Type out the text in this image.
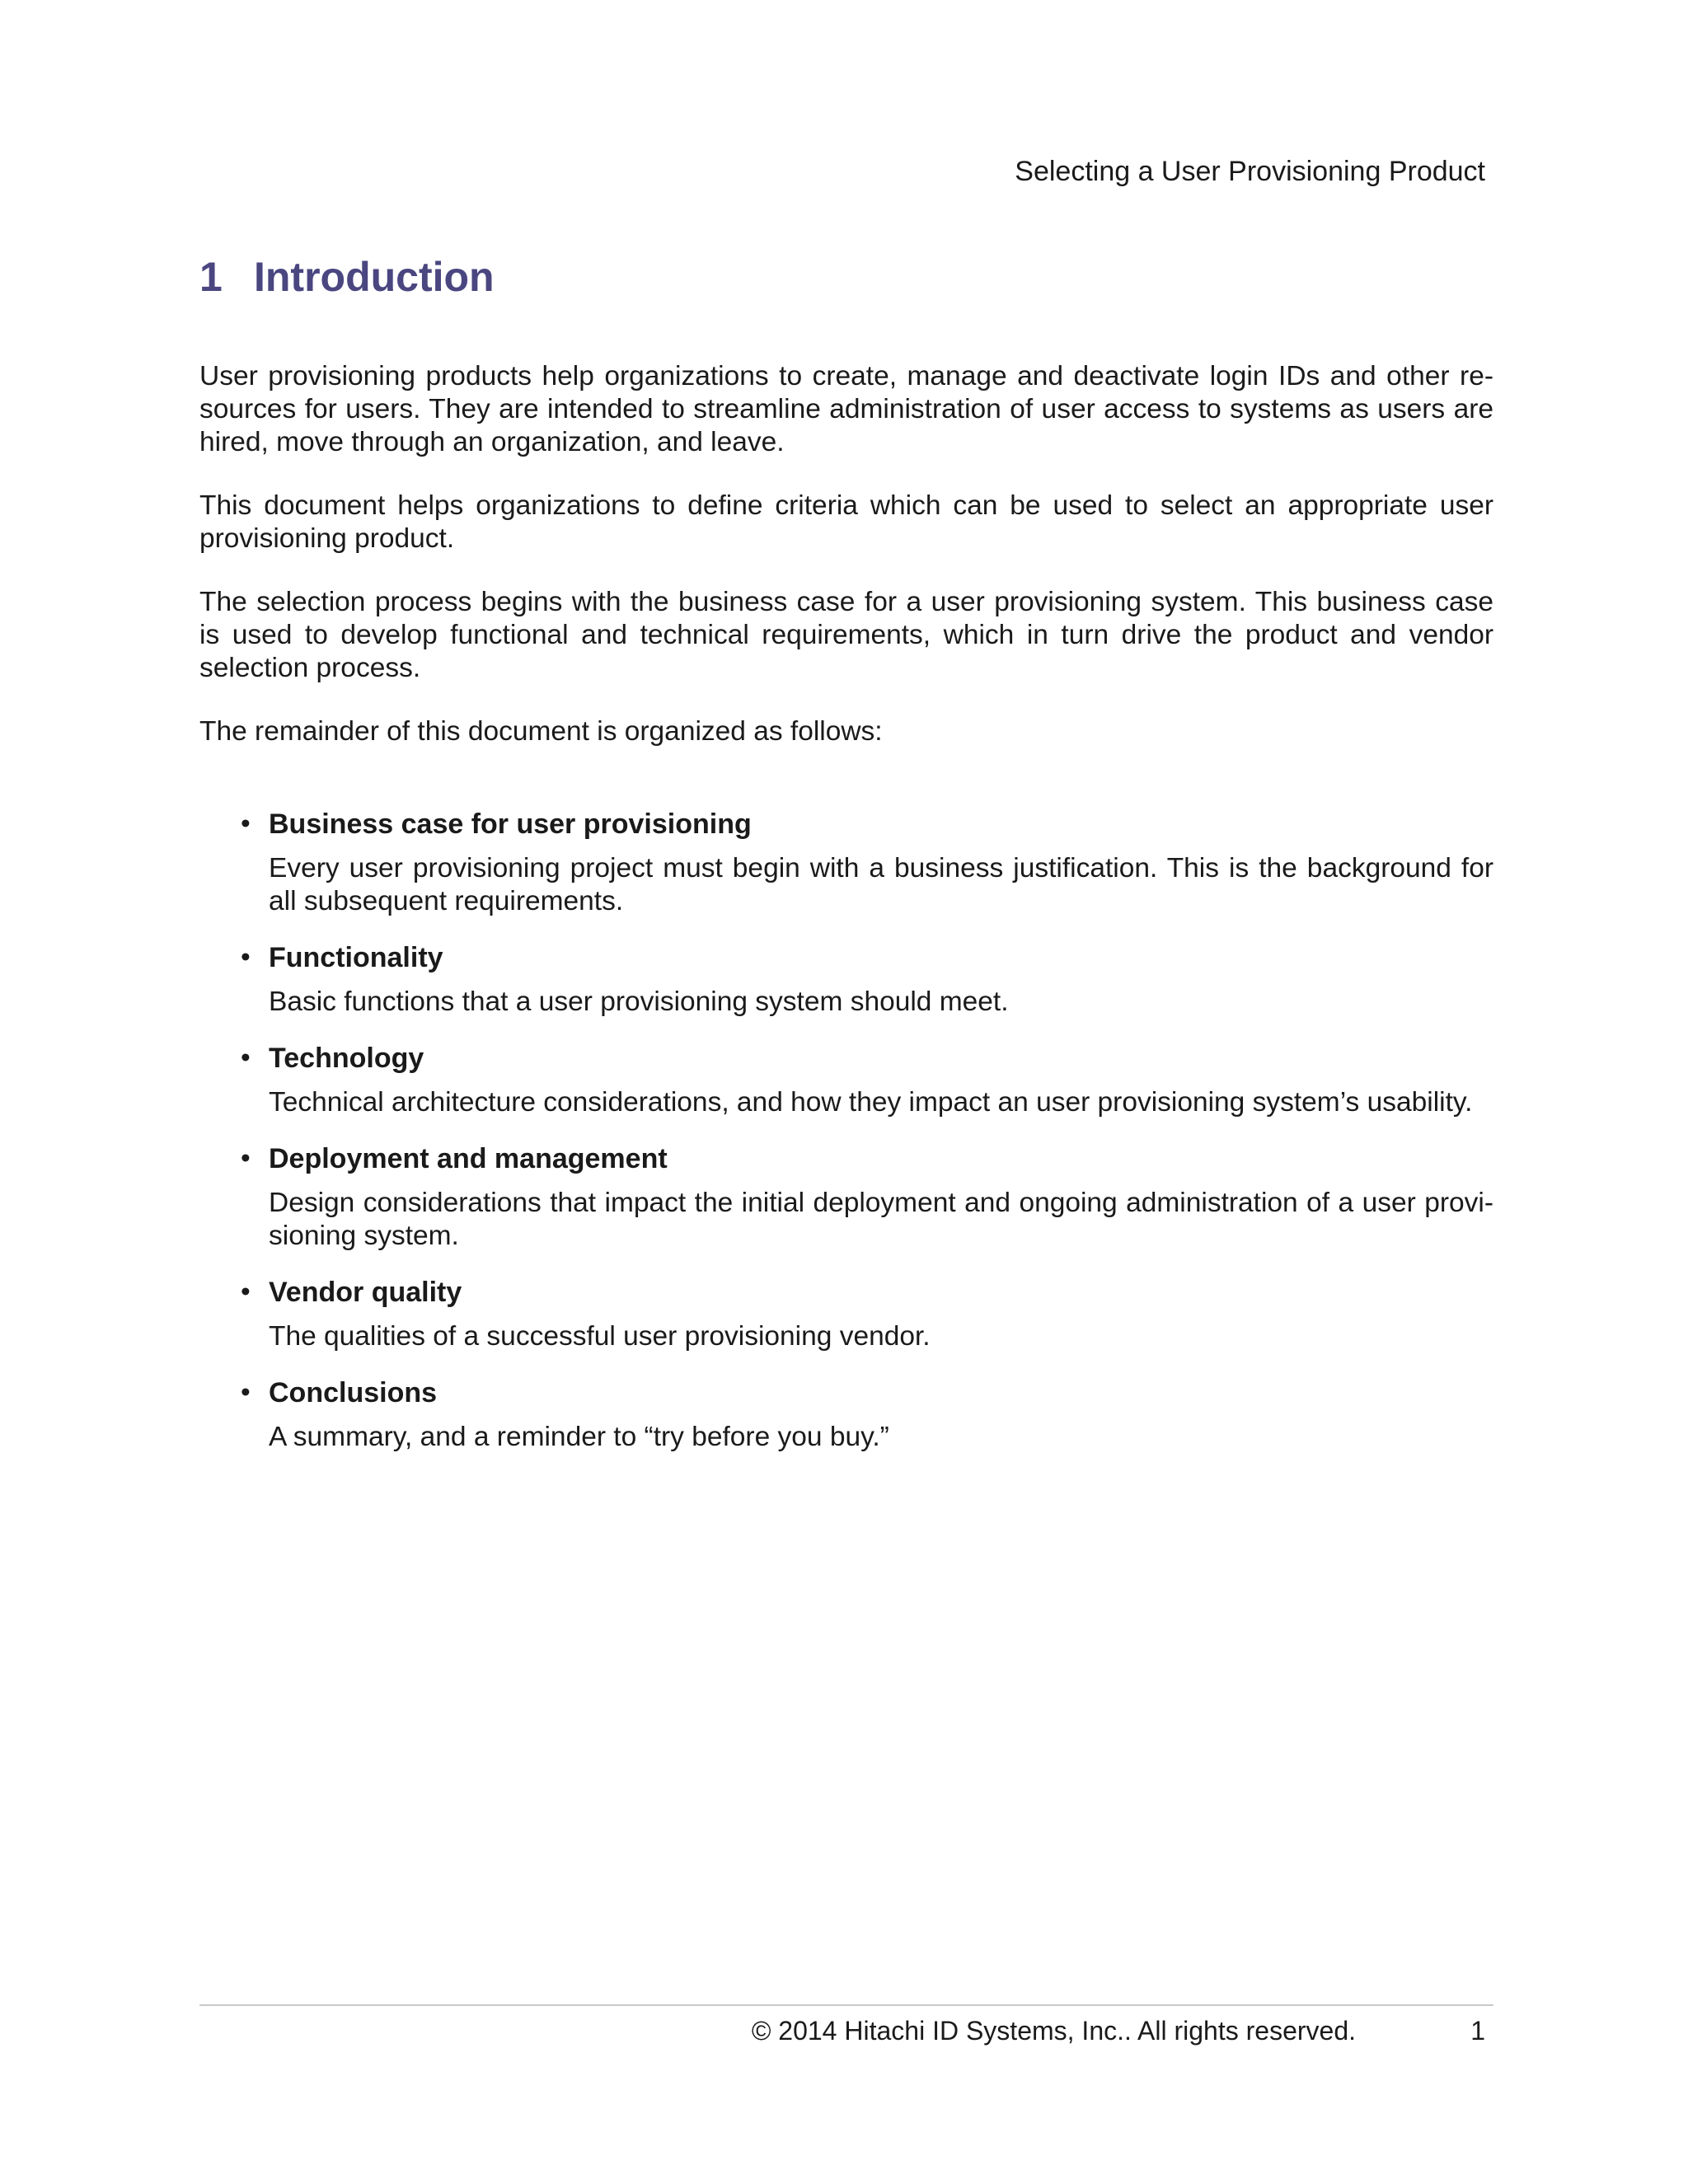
Selecting a User Provisioning Product
1 Introduction

User provisioning products help organizations to create, manage and deactivate login IDs and other resources for users. They are intended to streamline administration of user access to systems as users are hired, move through an organization, and leave.

This document helps organizations to define criteria which can be used to select an appropriate user provisioning product.

The selection process begins with the business case for a user provisioning system. This business case is used to develop functional and technical requirements, which in turn drive the product and vendor selection process.

The remainder of this document is organized as follows:

• Business case for user provisioning

Every user provisioning project must begin with a business justification. This is the background for all subsequent requirements.

• Functionality

Basic functions that a user provisioning system should meet.

• Technology

Technical architecture considerations, and how they impact an user provisioning system’s usability.

• Deployment and management

Design considerations that impact the initial deployment and ongoing administration of a user provisioning system.

• Vendor quality

The qualities of a successful user provisioning vendor.

• Conclusions

A summary, and a reminder to “try before you buy.”

© 2014 Hitachi ID Systems, Inc.. All rights reserved.	1
